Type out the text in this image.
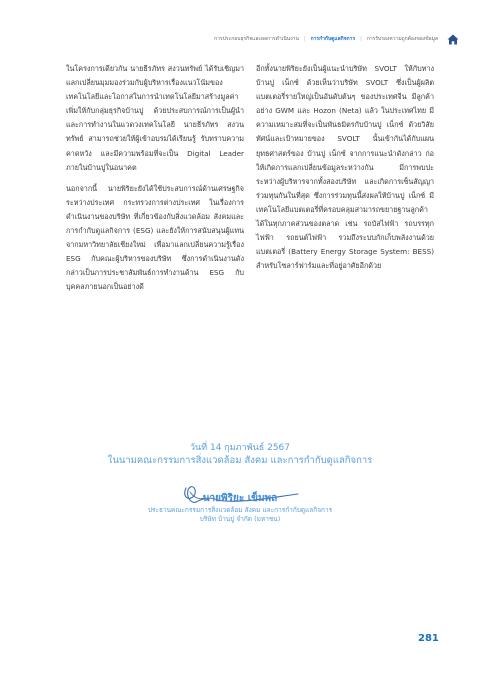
การประกอบธุรกิจและผลการดำเนินงาน | การกำกับดูแลกิจการ | การรับรองความถูกต้องของข้อมูล

ในโครงการเดียวกัน นายธีรภัทร สงวนทรัพย์ ได้รับเชิญมาแลกเปลี่ยนมุมมองร่วมกับผู้บริหารเรื่องแนวโน้มของเทคโนโลยีและโอกาสในการนำเทคโนโลยีมาสร้างมูลค่าเพิ่มให้กับกลุ่มธุรกิจบ้านปู ด้วยประสบการณ์การเป็นผู้นำและการทำงานในแวดวงเทคโนโลยี นายธีรภัทร สงวนทรัพย์ สามารถช่วยให้ผู้เข้าอบรมได้เรียนรู้ รับทราบความคาดหวัง และมีความพร้อมที่จะเป็น Digital Leader ภายในบ้านปูในอนาคต

นอกจากนี้ นายพิริยะยังได้ใช้ประสบการณ์ด้านเศรษฐกิจระหว่างประเทศ กระทรวงการต่างประเทศ ในเรื่องการดำเนินงานของบริษัท ที่เกี่ยวข้องกับสิ่งแวดล้อม สังคมและการกำกับดูแลกิจการ (ESG) และยังให้การสนับสนุนผู้แทนจากมหาวิทยาลัยเชียงใหม่ เพื่อมาแลกเปลี่ยนความรู้เรื่อง ESG กับคณะผู้บริหารของบริษัท ซึ่งการดำเนินงานดังกล่าวเป็นการประชาสัมพันธ์การทำงานด้าน ESG กับบุคคลภายนอกเป็นอย่างดี

อีกทั้งนายพิริยะยังเป็นผู้แนะนำบริษัท SVOLT ให้กับทางบ้านปู เน็กซ์ ด้วยเห็นว่าบริษัท SVOLT ซึ่งเป็นผู้ผลิตแบตเตอรี่รายใหญ่เป็นอันดับต้นๆ ของประเทศจีน มีลูกค้าอย่าง GWM และ Hozon (Neta) แล้ว ในประเทศไทย มีความเหมาะสมที่จะเป็นพันธมิตรกับบ้านปู เน็กซ์ ด้วยวิสัยทัศน์และเป้าหมายของ SVOLT นั้นเข้ากันได้กับแผนยุทธศาสตร์ของ บ้านปู เน็กซ์ จากการแนะนำดังกล่าว ก่อให้เกิดการแลกเปลี่ยนข้อมูลระหว่างกัน มีการพบปะระหว่างผู้บริหารจากทั้งสองบริษัท และเกิดการเซ็นสัญญาร่วมทุนกันในที่สุด ซึ่งการร่วมทุนนี้ส่งผลให้บ้านปู เน็กซ์ มีเทคโนโลยีแบตเตอรี่ที่ครอบคลุมสามารถขยายฐานลูกค้าได้ในทุกภาคส่วนของตลาด เช่น รถบัสไฟฟ้า รถบรรทุกไฟฟ้า รถยนต์ไฟฟ้า รวมถึงระบบกักเก็บพลังงานด้วยแบตเตอรี่ (Battery Energy Storage System: BESS) สำหรับโซลาร์ฟาร์มและที่อยู่อาศัยอีกด้วย

วันที่ 14 กุมภาพันธ์ 2567
ในนามคณะกรรมการสิ่งแวดล้อม สังคม และการกำกับดูแลกิจการ
นายพิริยะ เข็มพล
ประธานคณะกรรมการสิ่งแวดล้อม สังคม และการกำกับดูแลกิจการ
บริษัท บ้านปู จำกัด (มหาชน)
281
